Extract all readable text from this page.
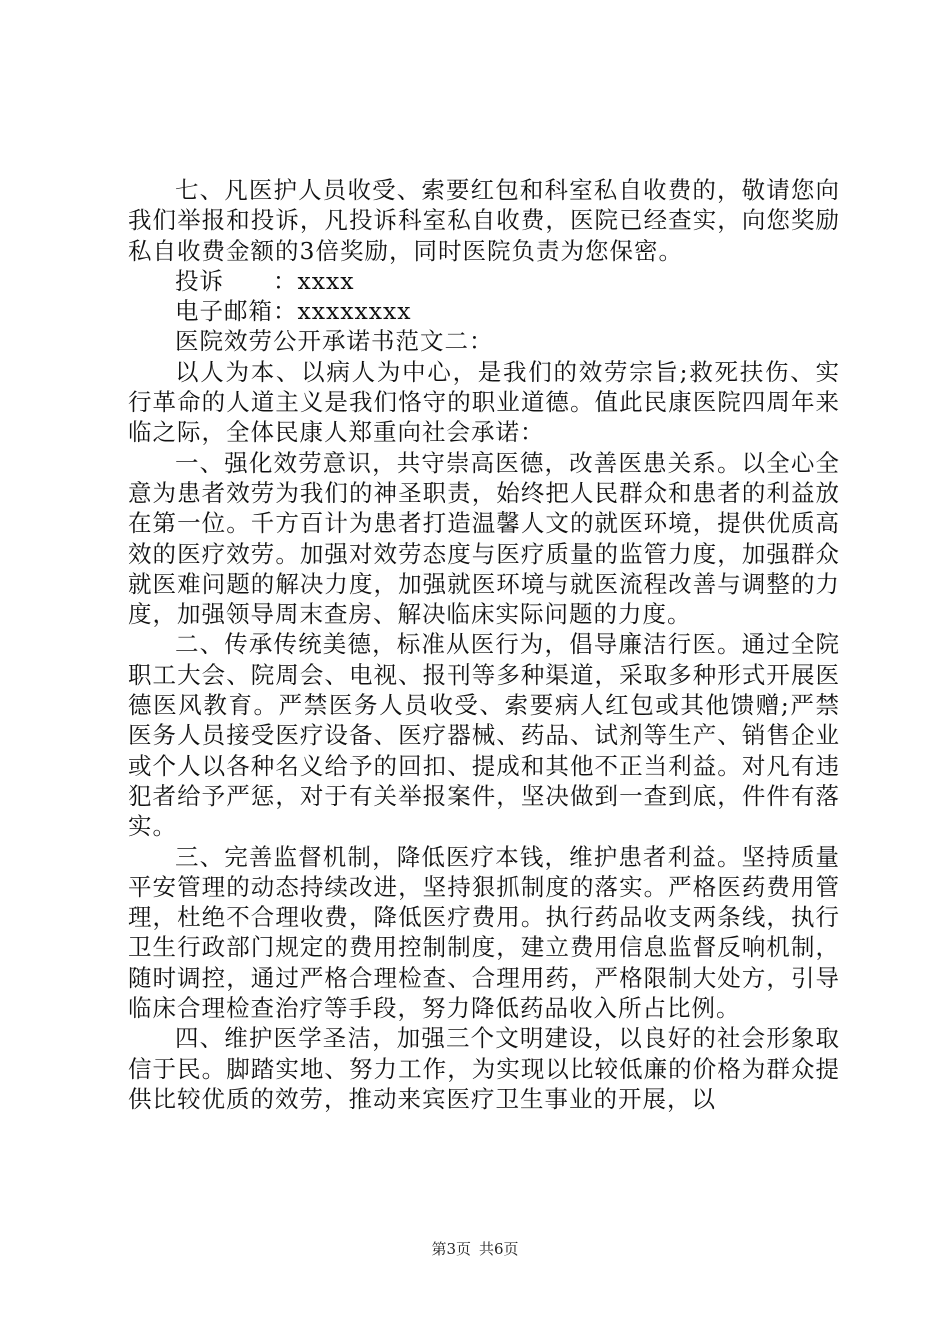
七、凡医护人员收受、索要红包和科室私自收费的，敬请您向我们举报和投诉，凡投诉科室私自收费，医院已经查实，向您奖励私自收费金额的3倍奖励，同时医院负责为您保密。

投诉　　：xxxx

电子邮箱：xxxxxxxx

医院效劳公开承诺书范文二：

以人为本、以病人为中心，是我们的效劳宗旨;救死扶伤、实行革命的人道主义是我们恪守的职业道德。值此民康医院四周年来临之际，全体民康人郑重向社会承诺：

一、强化效劳意识，共守崇高医德，改善医患关系。以全心全意为患者效劳为我们的神圣职责，始终把人民群众和患者的利益放在第一位。千方百计为患者打造温馨人文的就医环境，提供优质高效的医疗效劳。加强对效劳态度与医疗质量的监管力度，加强群众就医难问题的解决力度，加强就医环境与就医流程改善与调整的力度，加强领导周末查房、解决临床实际问题的力度。

二、传承传统美德，标准从医行为，倡导廉洁行医。通过全院职工大会、院周会、电视、报刊等多种渠道，采取多种形式开展医德医风教育。严禁医务人员收受、索要病人红包或其他馈赠;严禁医务人员接受医疗设备、医疗器械、药品、试剂等生产、销售企业或个人以各种名义给予的回扣、提成和其他不正当利益。对凡有违犯者给予严惩，对于有关举报案件，坚决做到一查到底，件件有落实。

三、完善监督机制，降低医疗本钱，维护患者利益。坚持质量平安管理的动态持续改进，坚持狠抓制度的落实。严格医药费用管理，杜绝不合理收费，降低医疗费用。执行药品收支两条线，执行卫生行政部门规定的费用控制制度，建立费用信息监督反响机制，随时调控，通过严格合理检查、合理用药，严格限制大处方，引导临床合理检查治疗等手段，努力降低药品收入所占比例。

四、维护医学圣洁，加强三个文明建设，以良好的社会形象取信于民。脚踏实地、努力工作，为实现以比较低廉的价格为群众提供比较优质的效劳，推动来宾医疗卫生事业的开展，以

第3页 共6页
